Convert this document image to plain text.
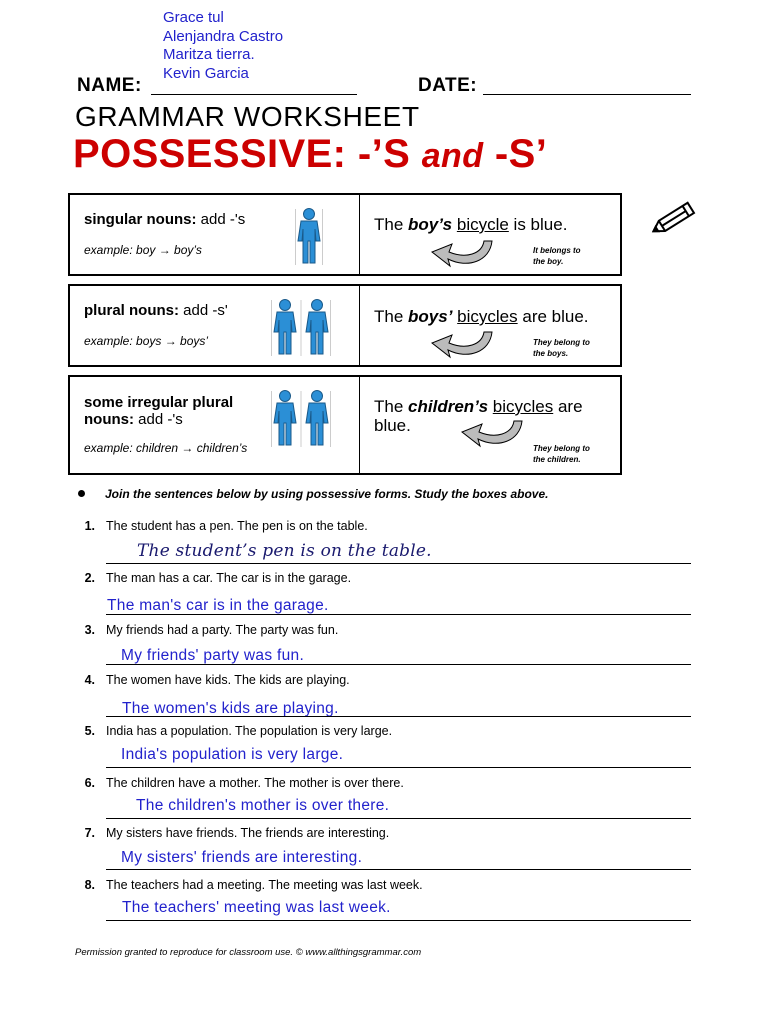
Grace tul
Alenjandra Castro
Maritza tierra.
Kevin Garcia
NAME:	DATE:
GRAMMAR WORKSHEET
POSSESSIVE: -’S and -S’
singular nouns: add -'s
example: boy → boy’s
The boy’s bicycle is blue.
It belongs to
the boy.
plural nouns: add -s'
example: boys → boys’
The boys’ bicycles are blue.
They belong to
the boys.
some irregular plural nouns: add -'s
example: children → children’s
The children’s bicycles are blue.
They belong to
the children.
Join the sentences below by using possessive forms. Study the boxes above.
1. The student has a pen. The pen is on the table.
The student’s pen is on the table.
2. The man has a car. The car is in the garage.
The man's car is in the garage.
3. My friends had a party. The party was fun.
My friends' party was fun.
4. The women have kids. The kids are playing.
The women's kids are playing.
5. India has a population. The population is very large.
India's population is very large.
6. The children have a mother. The mother is over there.
The children's mother is over there.
7. My sisters have friends. The friends are interesting.
My sisters' friends are interesting.
8. The teachers had a meeting. The meeting was last week.
The teachers' meeting was last week.
Permission granted to reproduce for classroom use. © www.allthingsgrammar.com
